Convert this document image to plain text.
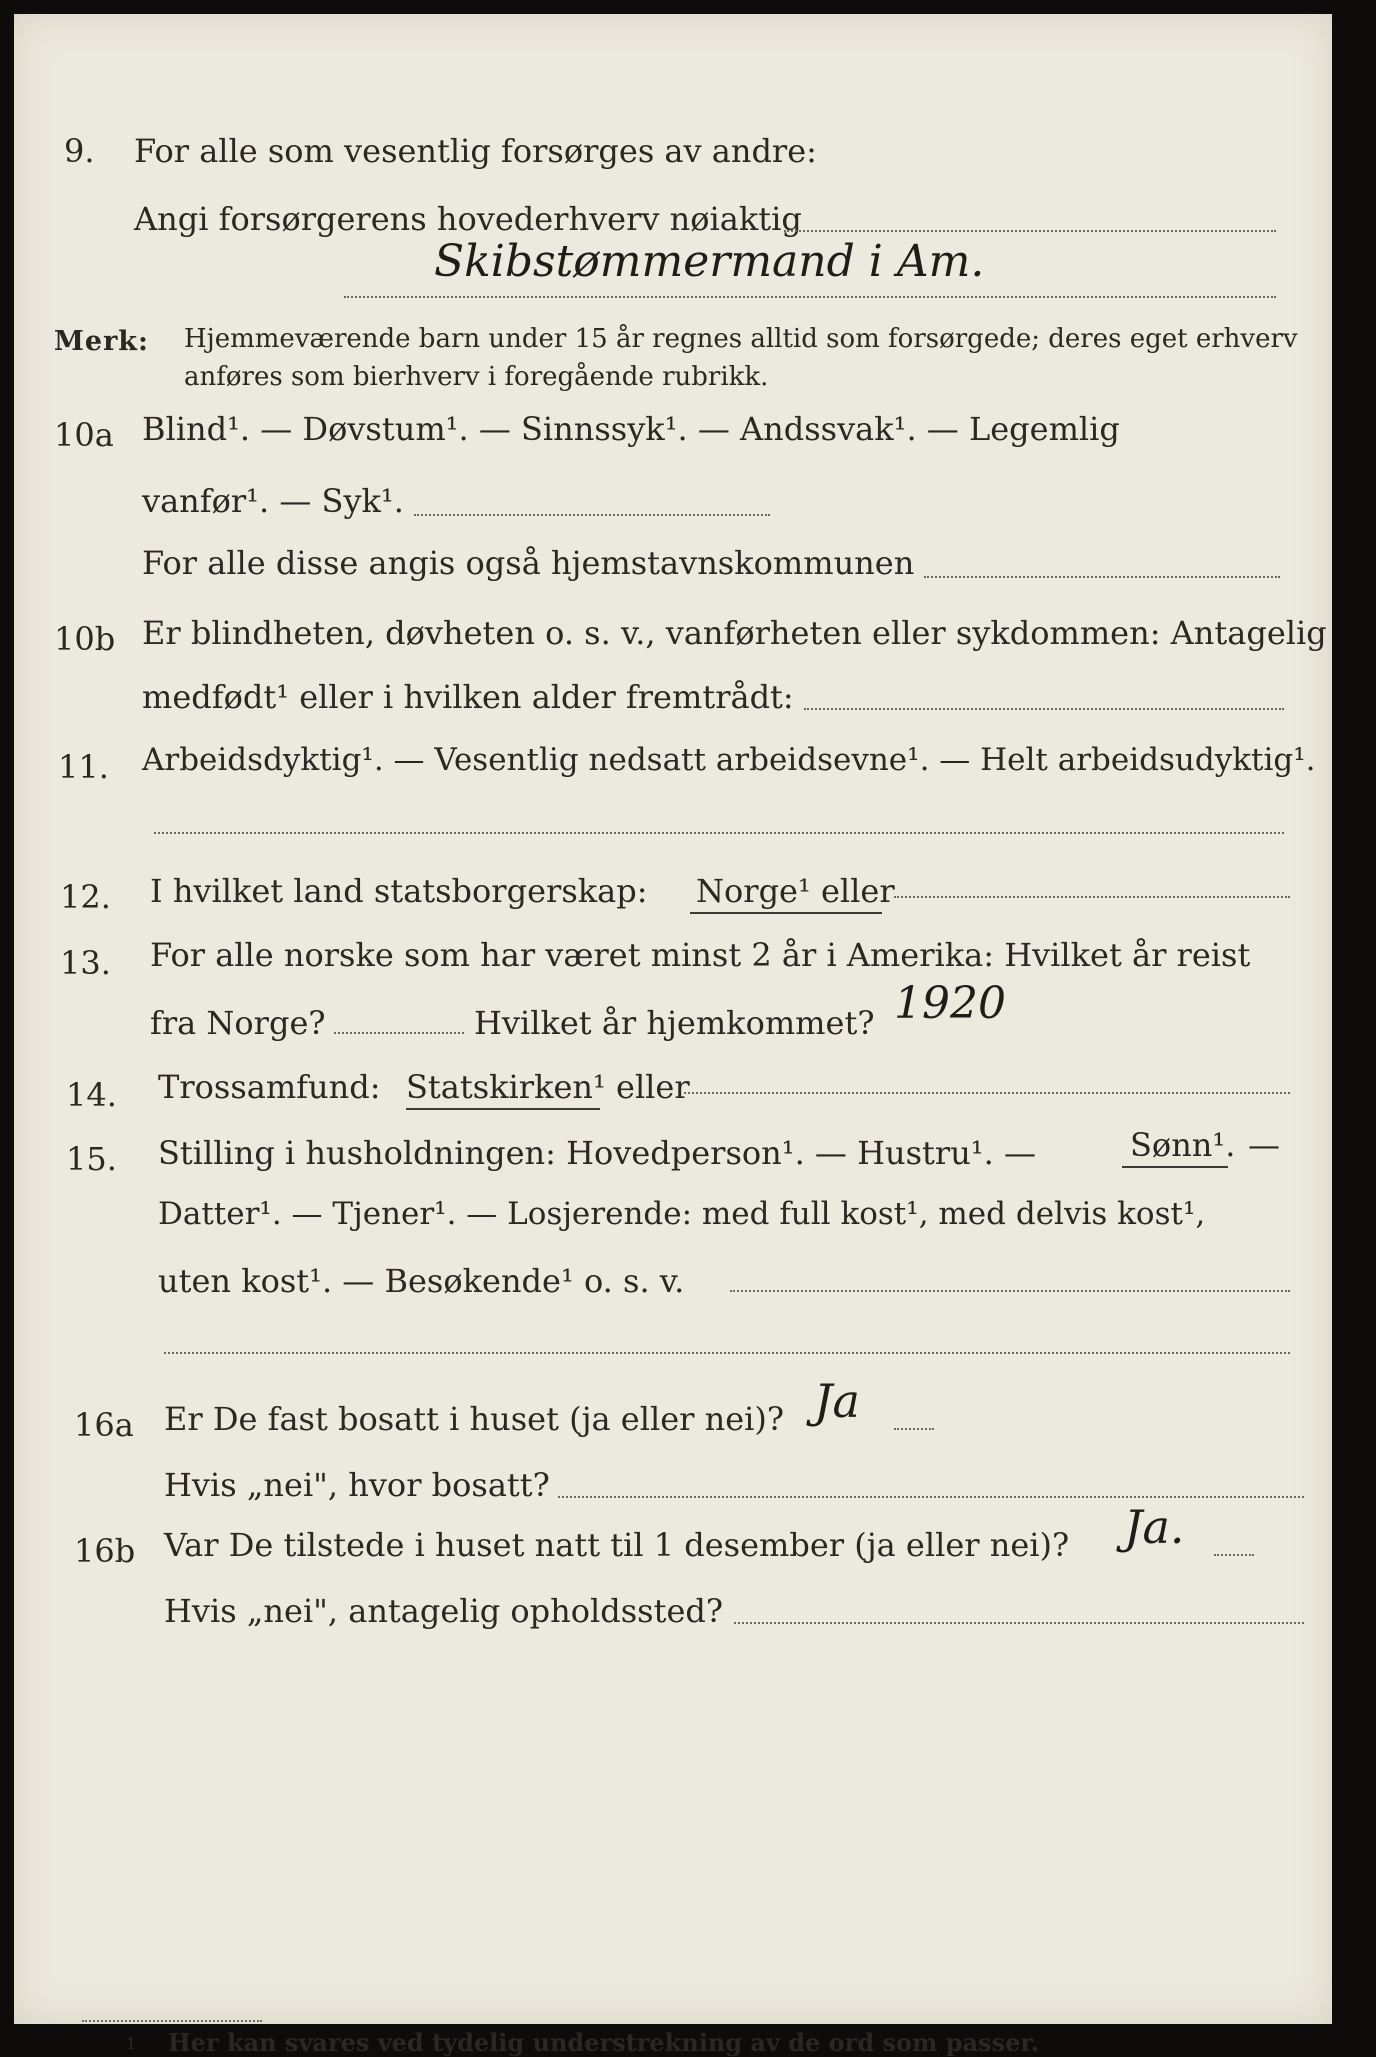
9. For alle som vesentlig forsørges av andre:
Angi forsørgerens hovederhverv nøiaktig
Skibstømmermand i Am.
Merk: Hjemmeværende barn under 15 år regnes alltid som forsørgede; deres eget erhverv
anføres som bierhverv i foregående rubrikk.
10a Blind¹. — Døvstum¹. — Sinnssyk¹. — Andssvak¹. — Legemlig
vanfør¹. — Syk¹.
For alle disse angis også hjemstavnskommunen
10b Er blindheten, døvheten o. s. v., vanførheten eller sykdommen: Antagelig
medfødt¹ eller i hvilken alder fremtrådt:
11. Arbeidsdyktig¹. — Vesentlig nedsatt arbeidsevne¹. — Helt arbeidsudyktig¹.
12. I hvilket land statsborgerskap: Norge¹ eller
13. For alle norske som har været minst 2 år i Amerika: Hvilket år reist
fra Norge?	Hvilket år hjemkommet? 1920
14. Trossamfund: Statskirken¹ eller
15. Stilling i husholdningen: Hovedperson¹. — Hustru¹. —	Sønn¹. —
Datter¹. — Tjener¹. — Losjerende: med full kost¹, med delvis kost¹,
uten kost¹. — Besøkende¹ o. s. v.
16a Er De fast bosatt i huset (ja eller nei)? Ja
Hvis „nei", hvor bosatt?
16b Var De tilstede i huset natt til 1 desember (ja eller nei)? Ja.
Hvis „nei", antagelig opholdssted?
1 Her kan svares ved tydelig understrekning av de ord som passer.
